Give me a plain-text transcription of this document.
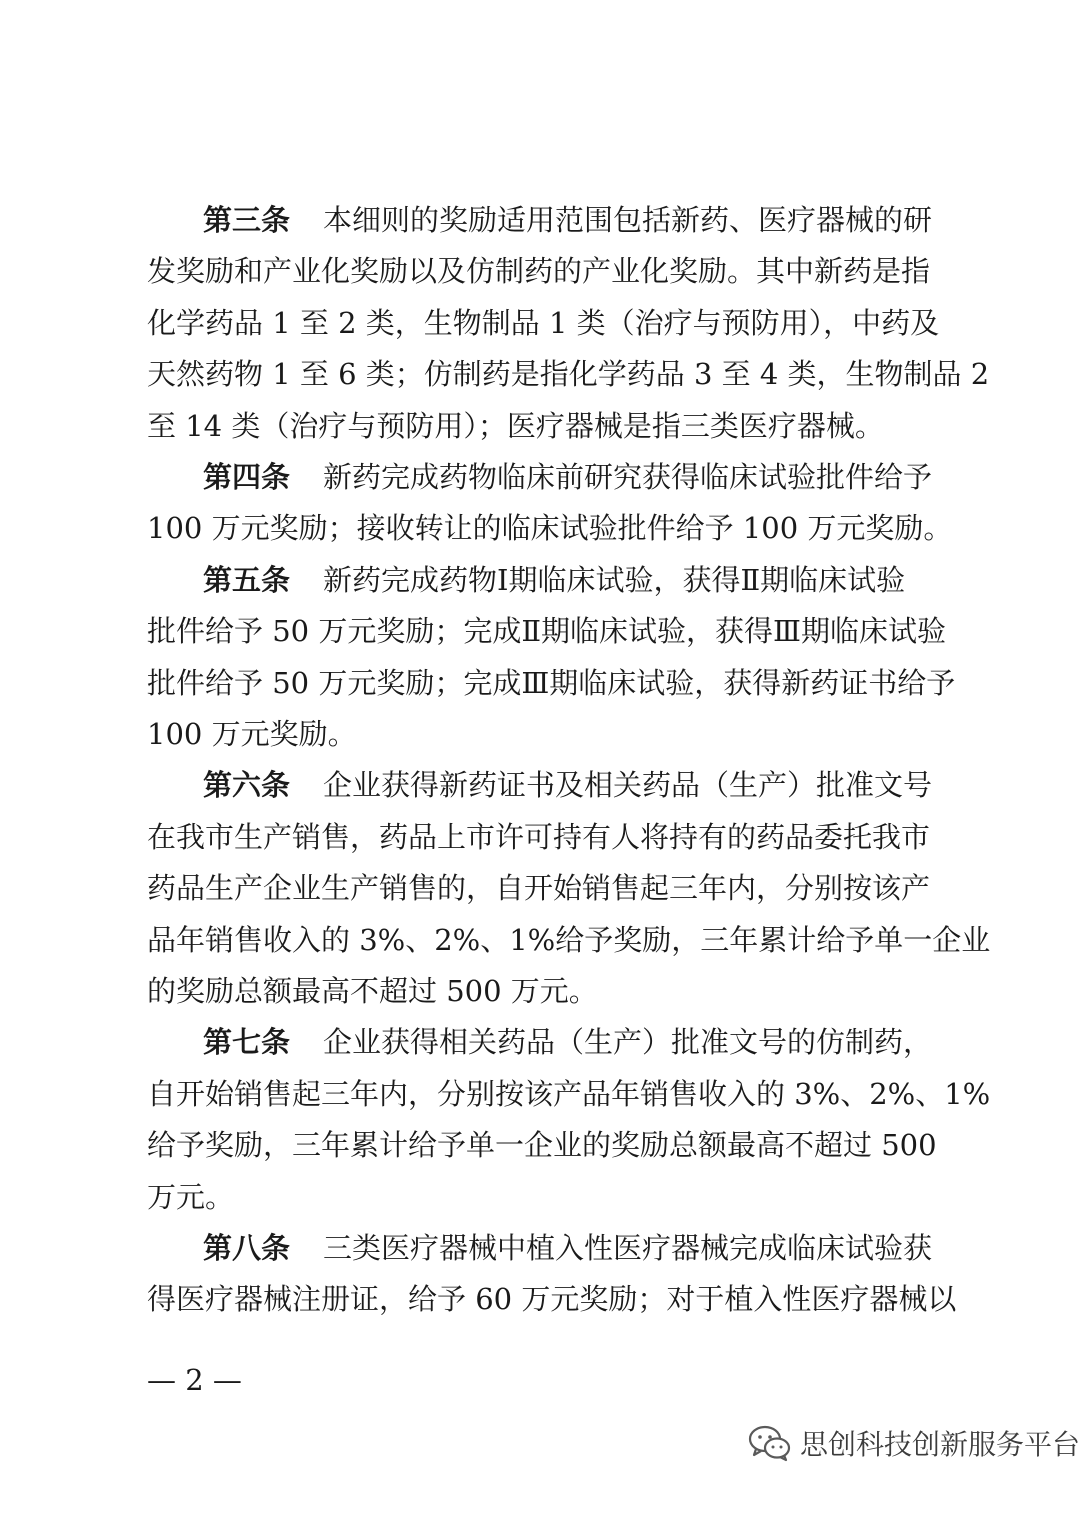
第三条 本细则的奖励适用范围包括新药、医疗器械的研
发奖励和产业化奖励以及仿制药的产业化奖励。其中新药是指
化学药品 1 至 2 类，生物制品 1 类（治疗与预防用），中药及
天然药物 1 至 6 类；仿制药是指化学药品 3 至 4 类，生物制品 2
至 14 类（治疗与预防用）；医疗器械是指三类医疗器械。
第四条 新药完成药物临床前研究获得临床试验批件给予
100 万元奖励；接收转让的临床试验批件给予 100 万元奖励。
第五条 新药完成药物Ⅰ期临床试验，获得Ⅱ期临床试验
批件给予 50 万元奖励；完成Ⅱ期临床试验，获得Ⅲ期临床试验
批件给予 50 万元奖励；完成Ⅲ期临床试验，获得新药证书给予
100 万元奖励。
第六条 企业获得新药证书及相关药品（生产）批准文号
在我市生产销售，药品上市许可持有人将持有的药品委托我市
药品生产企业生产销售的，自开始销售起三年内，分别按该产
品年销售收入的 3%、2%、1%给予奖励，三年累计给予单一企业
的奖励总额最高不超过 500 万元。
第七条 企业获得相关药品（生产）批准文号的仿制药，
自开始销售起三年内，分别按该产品年销售收入的 3%、2%、1%
给予奖励，三年累计给予单一企业的奖励总额最高不超过 500
万元。
第八条 三类医疗器械中植入性医疗器械完成临床试验获
得医疗器械注册证，给予 60 万元奖励；对于植入性医疗器械以
— 2 —
思创科技创新服务平台
